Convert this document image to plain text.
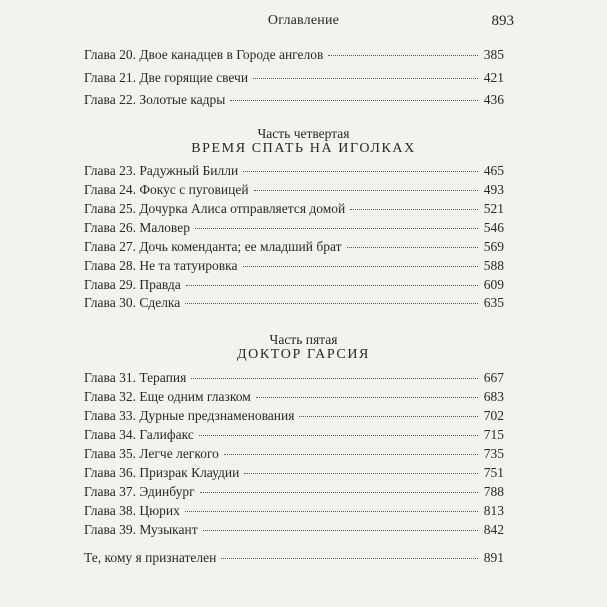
Оглавление	893
Глава 20. Двое канадцев в Городе ангелов	385
Глава 21. Две горящие свечи	421
Глава 22. Золотые кадры	436
Часть четвертая
ВРЕМЯ СПАТЬ НА ИГОЛКАХ
Глава 23. Радужный Билли	465
Глава 24. Фокус с пуговицей	493
Глава 25. Дочурка Алиса отправляется домой	521
Глава 26. Маловер	546
Глава 27. Дочь коменданта; ее младший брат	569
Глава 28. Не та татуировка	588
Глава 29. Правда	609
Глава 30. Сделка	635
Часть пятая
ДОКТОР ГАРСИЯ
Глава 31. Терапия	667
Глава 32. Еще одним глазком	683
Глава 33. Дурные предзнаменования	702
Глава 34. Галифакс	715
Глава 35. Легче легкого	735
Глава 36. Призрак Клаудии	751
Глава 37. Эдинбург	788
Глава 38. Цюрих	813
Глава 39. Музыкант	842
Те, кому я признателен	891
